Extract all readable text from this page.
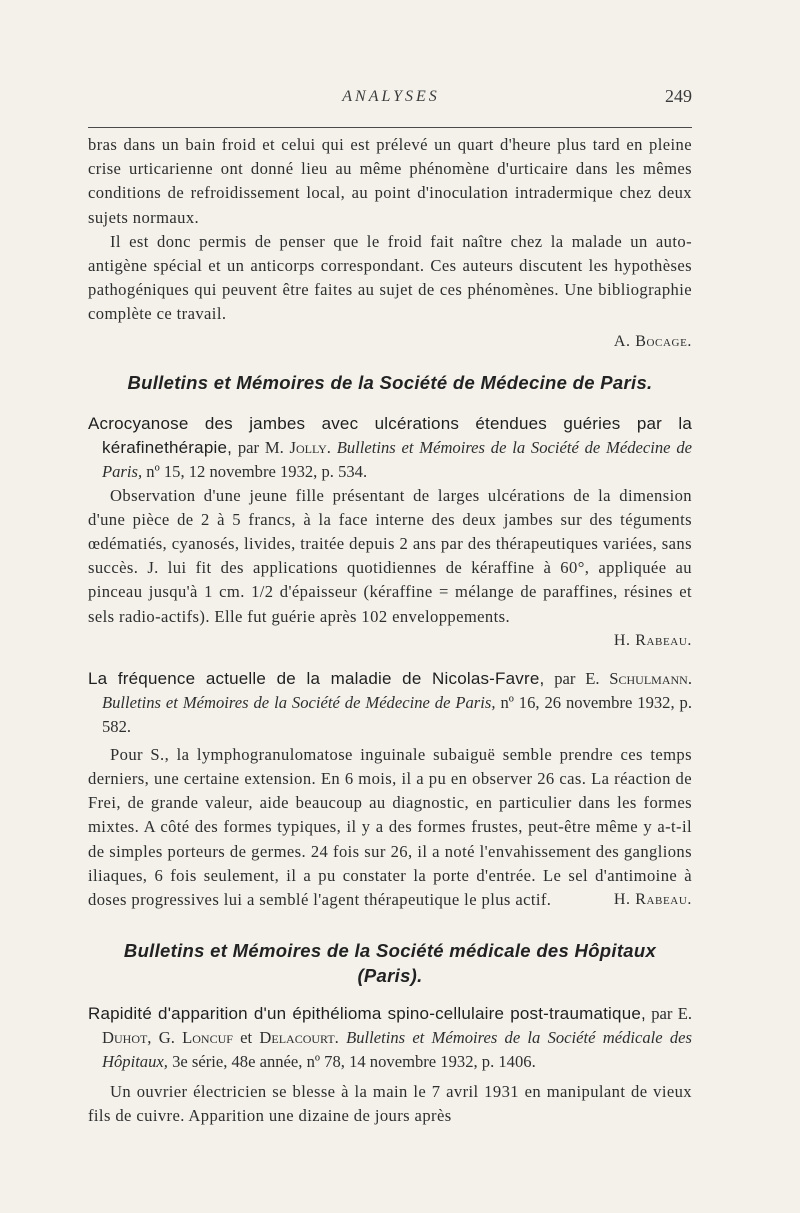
ANALYSES	249

bras dans un bain froid et celui qui est prélevé un quart d'heure plus tard en pleine crise urticarienne ont donné lieu au même phénomène d'urticaire dans les mêmes conditions de refroidissement local, au point d'inoculation intradermique chez deux sujets normaux.

Il est donc permis de penser que le froid fait naître chez la malade un auto-antigène spécial et un anticorps correspondant. Ces auteurs discutent les hypothèses pathogéniques qui peuvent être faites au sujet de ces phénomènes. Une bibliographie complète ce travail.

A. Bocage.

Bulletins et Mémoires de la Société de Médecine de Paris.

Acrocyanose des jambes avec ulcérations étendues guéries par la kérafinethérapie, par M. Jolly. Bulletins et Mémoires de la Société de Médecine de Paris, nº 15, 12 novembre 1932, p. 534.

Observation d'une jeune fille présentant de larges ulcérations de la dimension d'une pièce de 2 à 5 francs, à la face interne des deux jambes sur des téguments œdématiés, cyanosés, livides, traitée depuis 2 ans par des thérapeutiques variées, sans succès. J. lui fit des applications quotidiennes de kéraffine à 60°, appliquée au pinceau jusqu'à 1 cm. 1/2 d'épaisseur (kéraffine = mélange de paraffines, résines et sels radio-actifs). Elle fut guérie après 102 enveloppements.

H. Rabeau.

La fréquence actuelle de la maladie de Nicolas-Favre, par E. Schulmann. Bulletins et Mémoires de la Société de Médecine de Paris, nº 16, 26 novembre 1932, p. 582.

Pour S., la lymphogranulomatose inguinale subaiguë semble prendre ces temps derniers, une certaine extension. En 6 mois, il a pu en observer 26 cas. La réaction de Frei, de grande valeur, aide beaucoup au diagnostic, en particulier dans les formes mixtes. A côté des formes typiques, il y a des formes frustes, peut-être même y a-t-il de simples porteurs de germes. 24 fois sur 26, il a noté l'envahissement des ganglions iliaques, 6 fois seulement, il a pu constater la porte d'entrée. Le sel d'antimoine à doses progressives lui a semblé l'agent thérapeutique le plus actif.	H. Rabeau.

Bulletins et Mémoires de la Société médicale des Hôpitaux
(Paris).

Rapidité d'apparition d'un épithélioma spino-cellulaire post-traumatique, par E. Duhot, G. Loncuf et Delacourt. Bulletins et Mémoires de la Société médicale des Hôpitaux, 3e série, 48e année, nº 78, 14 novembre 1932, p. 1406.

Un ouvrier électricien se blesse à la main le 7 avril 1931 en manipulant de vieux fils de cuivre. Apparition une dizaine de jours après
